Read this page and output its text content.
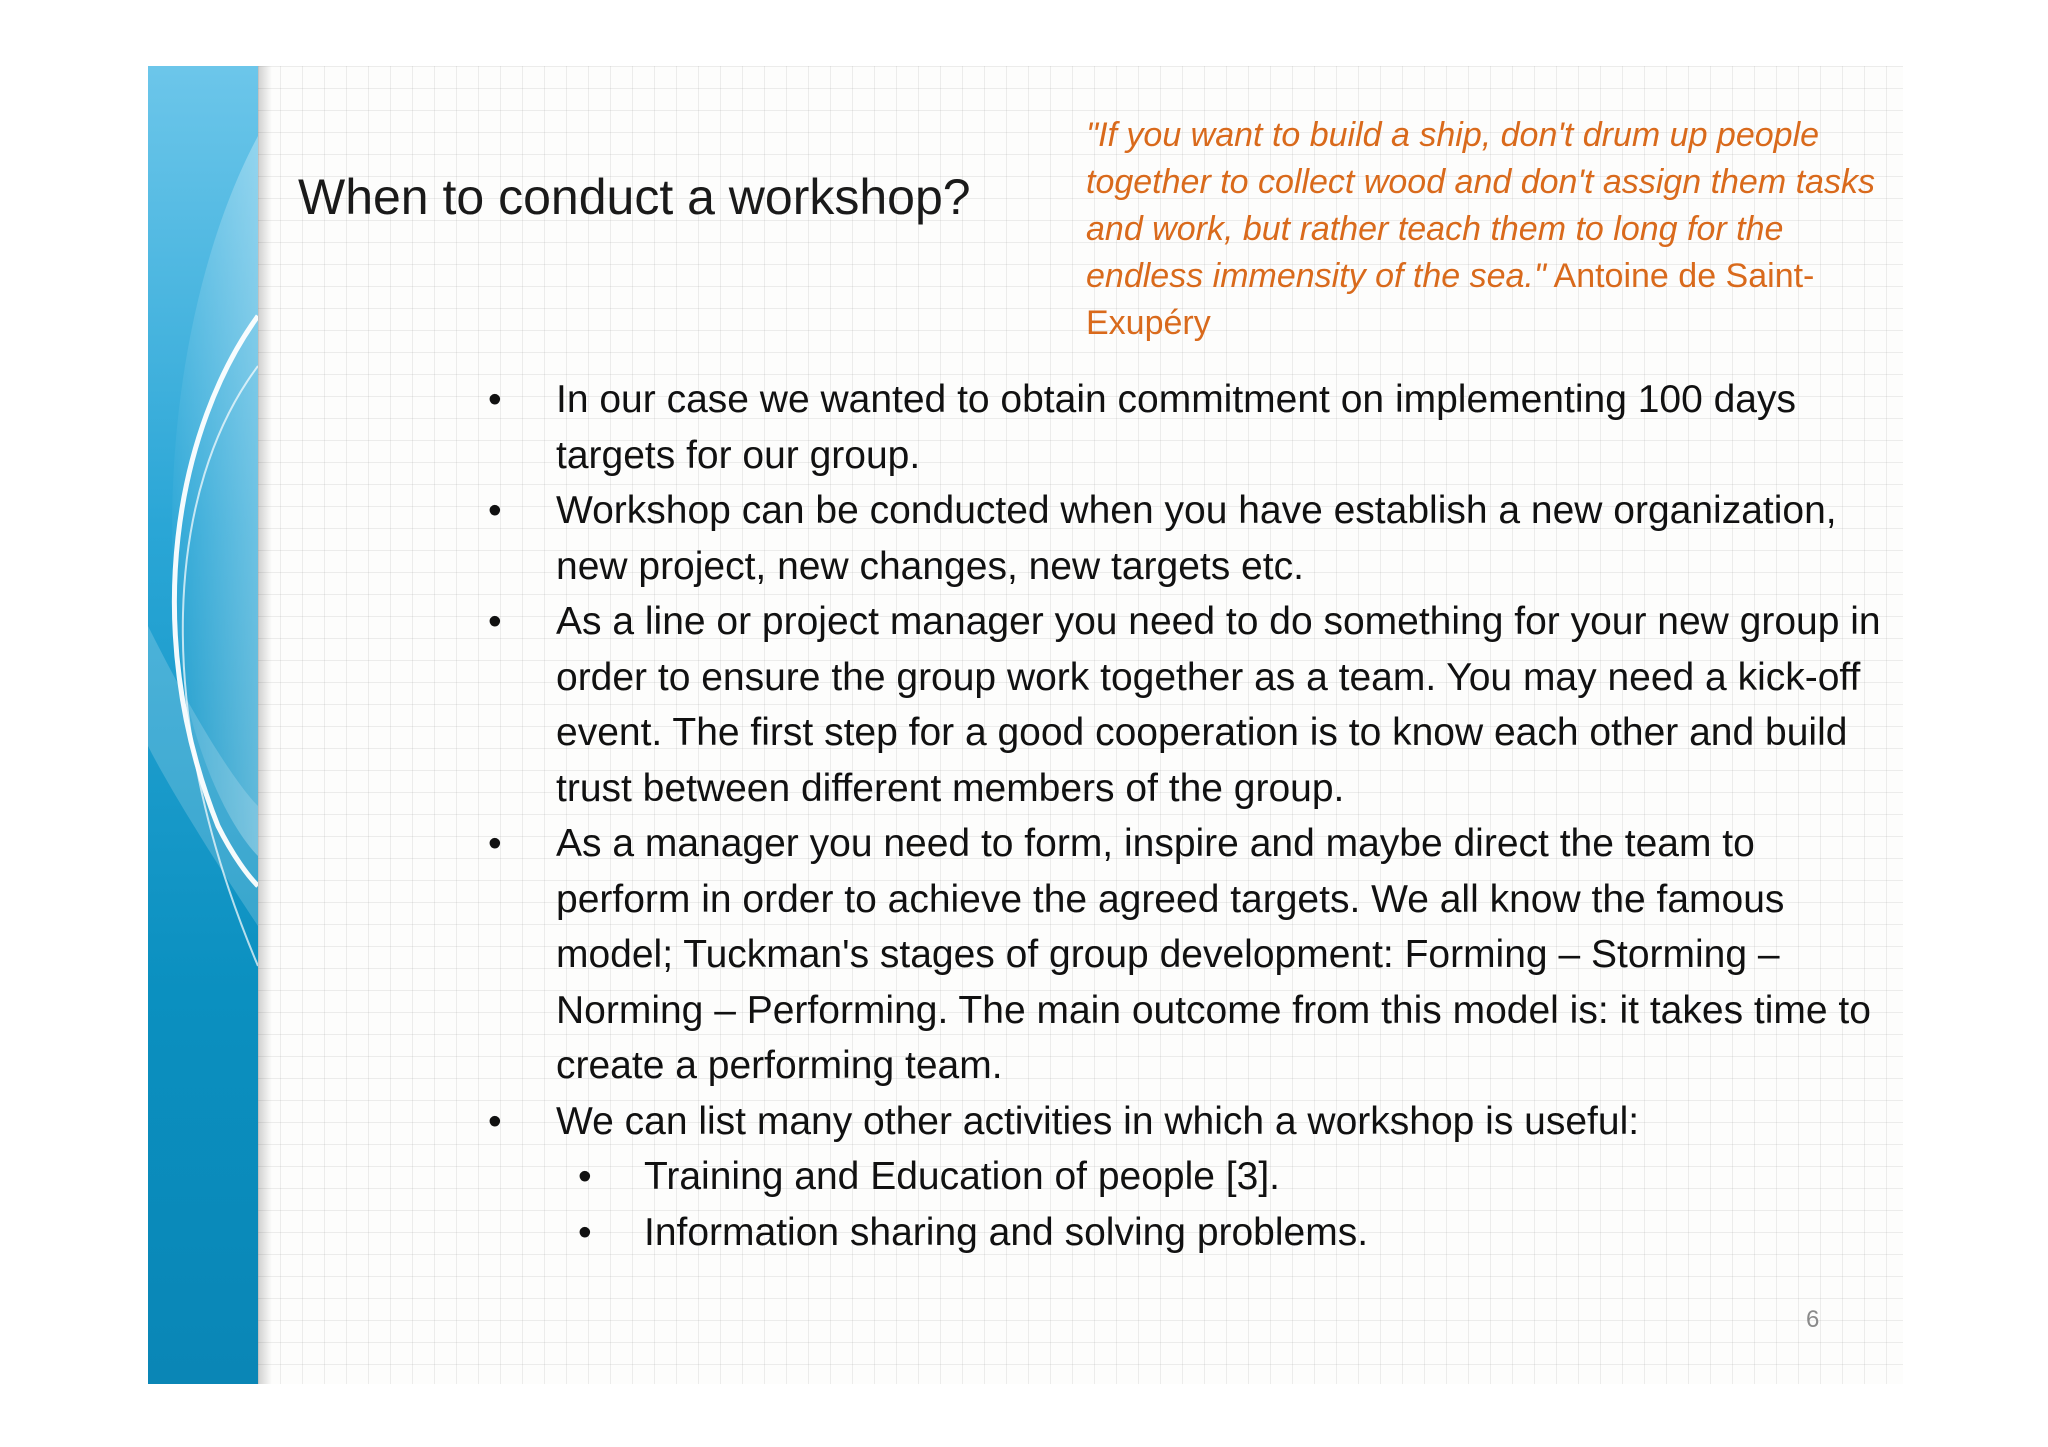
When to conduct a workshop?
"If you want to build a ship, don't drum up people together to collect wood and don't assign them tasks and work, but rather teach them to long for the endless immensity of the sea." Antoine de Saint-Exupéry
• In our case we wanted to obtain commitment on implementing 100 days targets for our group.
• Workshop can be conducted when you have establish a new organization, new project, new changes, new targets etc.
• As a line or project manager you need to do something for your new group in order to ensure the group work together as a team. You may need a kick-off event. The first step for a good cooperation is to know each other and build trust between different members of the group.
• As a manager you need to form, inspire and maybe direct the team to perform in order to achieve the agreed targets. We all know the famous model; Tuckman's stages of group development: Forming – Storming – Norming – Performing. The main outcome from this model is: it takes time to create a performing team.
• We can list many other activities in which a workshop is useful:
• Training and Education of people [3].
• Information sharing and solving problems.
6
